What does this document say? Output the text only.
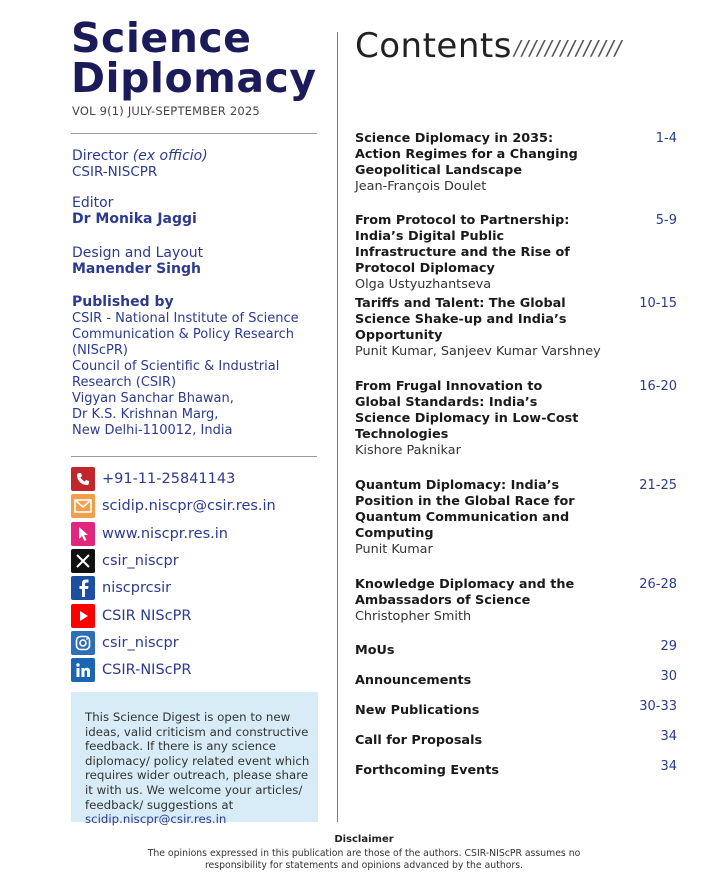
Science
Diplomacy
VOL 9(1) JULY-SEPTEMBER 2025
Director (ex officio)
CSIR-NISCPR
Editor
Dr Monika Jaggi
Design and Layout
Manender Singh
Published by
CSIR - National Institute of Science
Communication & Policy Research
(NIScPR)
Council of Scientific & Industrial
Research (CSIR)
Vigyan Sanchar Bhawan,
Dr K.S. Krishnan Marg,
New Delhi-110012, India
+91-11-25841143
scidip.niscpr@csir.res.in
www.niscpr.res.in
csir_niscpr
niscprcsir
CSIR NIScPR
csir_niscpr
CSIR-NIScPR
This Science Digest is open to new ideas, valid criticism and constructive feedback. If there is any science diplomacy/ policy related event which requires wider outreach, please share it with us. We welcome your articles/ feedback/ suggestions at scidip.niscpr@csir.res.in
Contents //////////////
Science Diplomacy in 2035: Action Regimes for a Changing Geopolitical Landscape
Jean-François Doulet
1-4
From Protocol to Partnership: India’s Digital Public Infrastructure and the Rise of Protocol Diplomacy
Olga Ustyuzhantseva
5-9
Tariffs and Talent: The Global Science Shake-up and India’s Opportunity
Punit Kumar, Sanjeev Kumar Varshney
10-15
From Frugal Innovation to Global Standards: India’s Science Diplomacy in Low-Cost Technologies
Kishore Paknikar
16-20
Quantum Diplomacy: India’s Position in the Global Race for Quantum Communication and Computing
Punit Kumar
21-25
Knowledge Diplomacy and the Ambassadors of Science
Christopher Smith
26-28
MoUs	29
Announcements	30
New Publications	30-33
Call for Proposals	34
Forthcoming Events	34
Disclaimer
The opinions expressed in this publication are those of the authors. CSIR-NIScPR assumes no responsibility for statements and opinions advanced by the authors.
